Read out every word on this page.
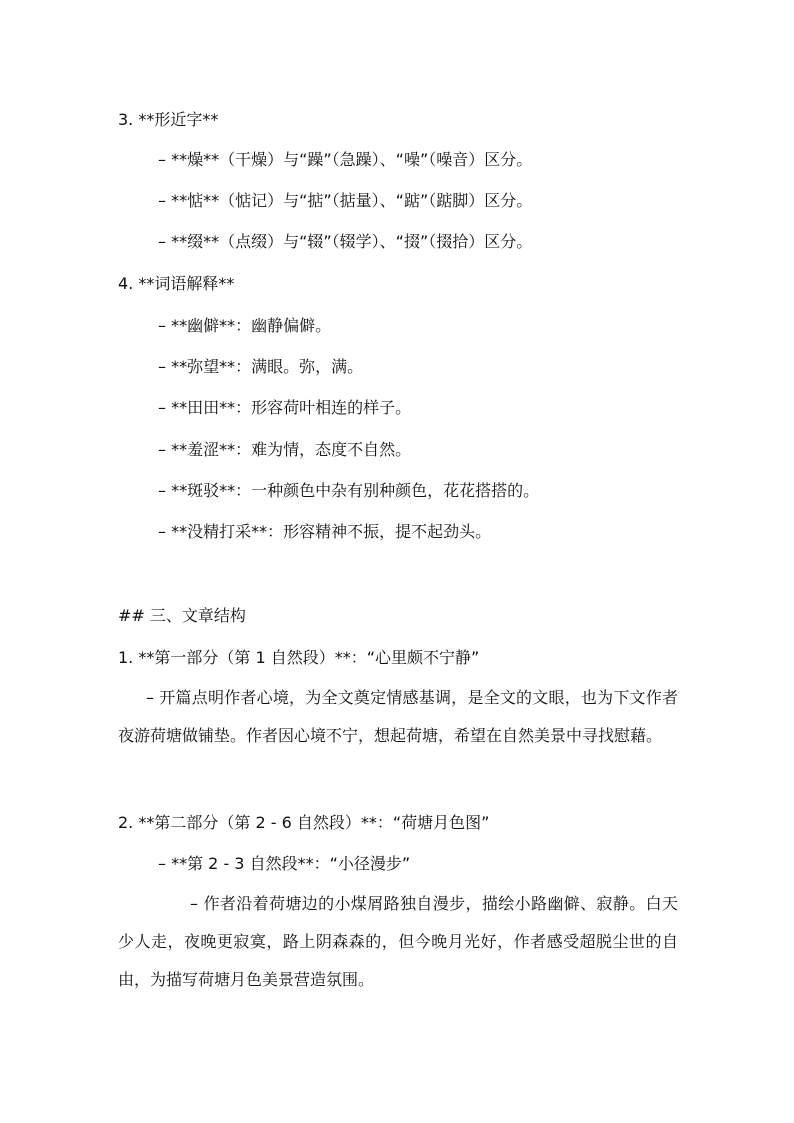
3. **形近字**
– **燥**（干燥）与“躁”（急躁）、“噪”（噪音）区分。
– **惦**（惦记）与“掂”（掂量）、“踮”（踮脚）区分。
– **缀**（点缀）与“辍”（辍学）、“掇”（掇拾）区分。
4. **词语解释**
– **幽僻**：幽静偏僻。
– **弥望**：满眼。弥，满。
– **田田**：形容荷叶相连的样子。
– **羞涩**：难为情，态度不自然。
– **斑驳**：一种颜色中杂有别种颜色，花花搭搭的。
– **没精打采**：形容精神不振，提不起劲头。
## 三、文章结构
1. **第一部分（第 1 自然段）**：“心里颇不宁静”
– 开篇点明作者心境，为全文奠定情感基调，是全文的文眼，也为下文作者夜游荷塘做铺垫。作者因心境不宁，想起荷塘，希望在自然美景中寻找慰藉。
2. **第二部分（第 2 - 6 自然段）**：“荷塘月色图”
– **第 2 - 3 自然段**：“小径漫步”
– 作者沿着荷塘边的小煤屑路独自漫步，描绘小路幽僻、寂静。白天少人走，夜晚更寂寞，路上阴森森的，但今晚月光好，作者感受超脱尘世的自由，为描写荷塘月色美景营造氛围。
